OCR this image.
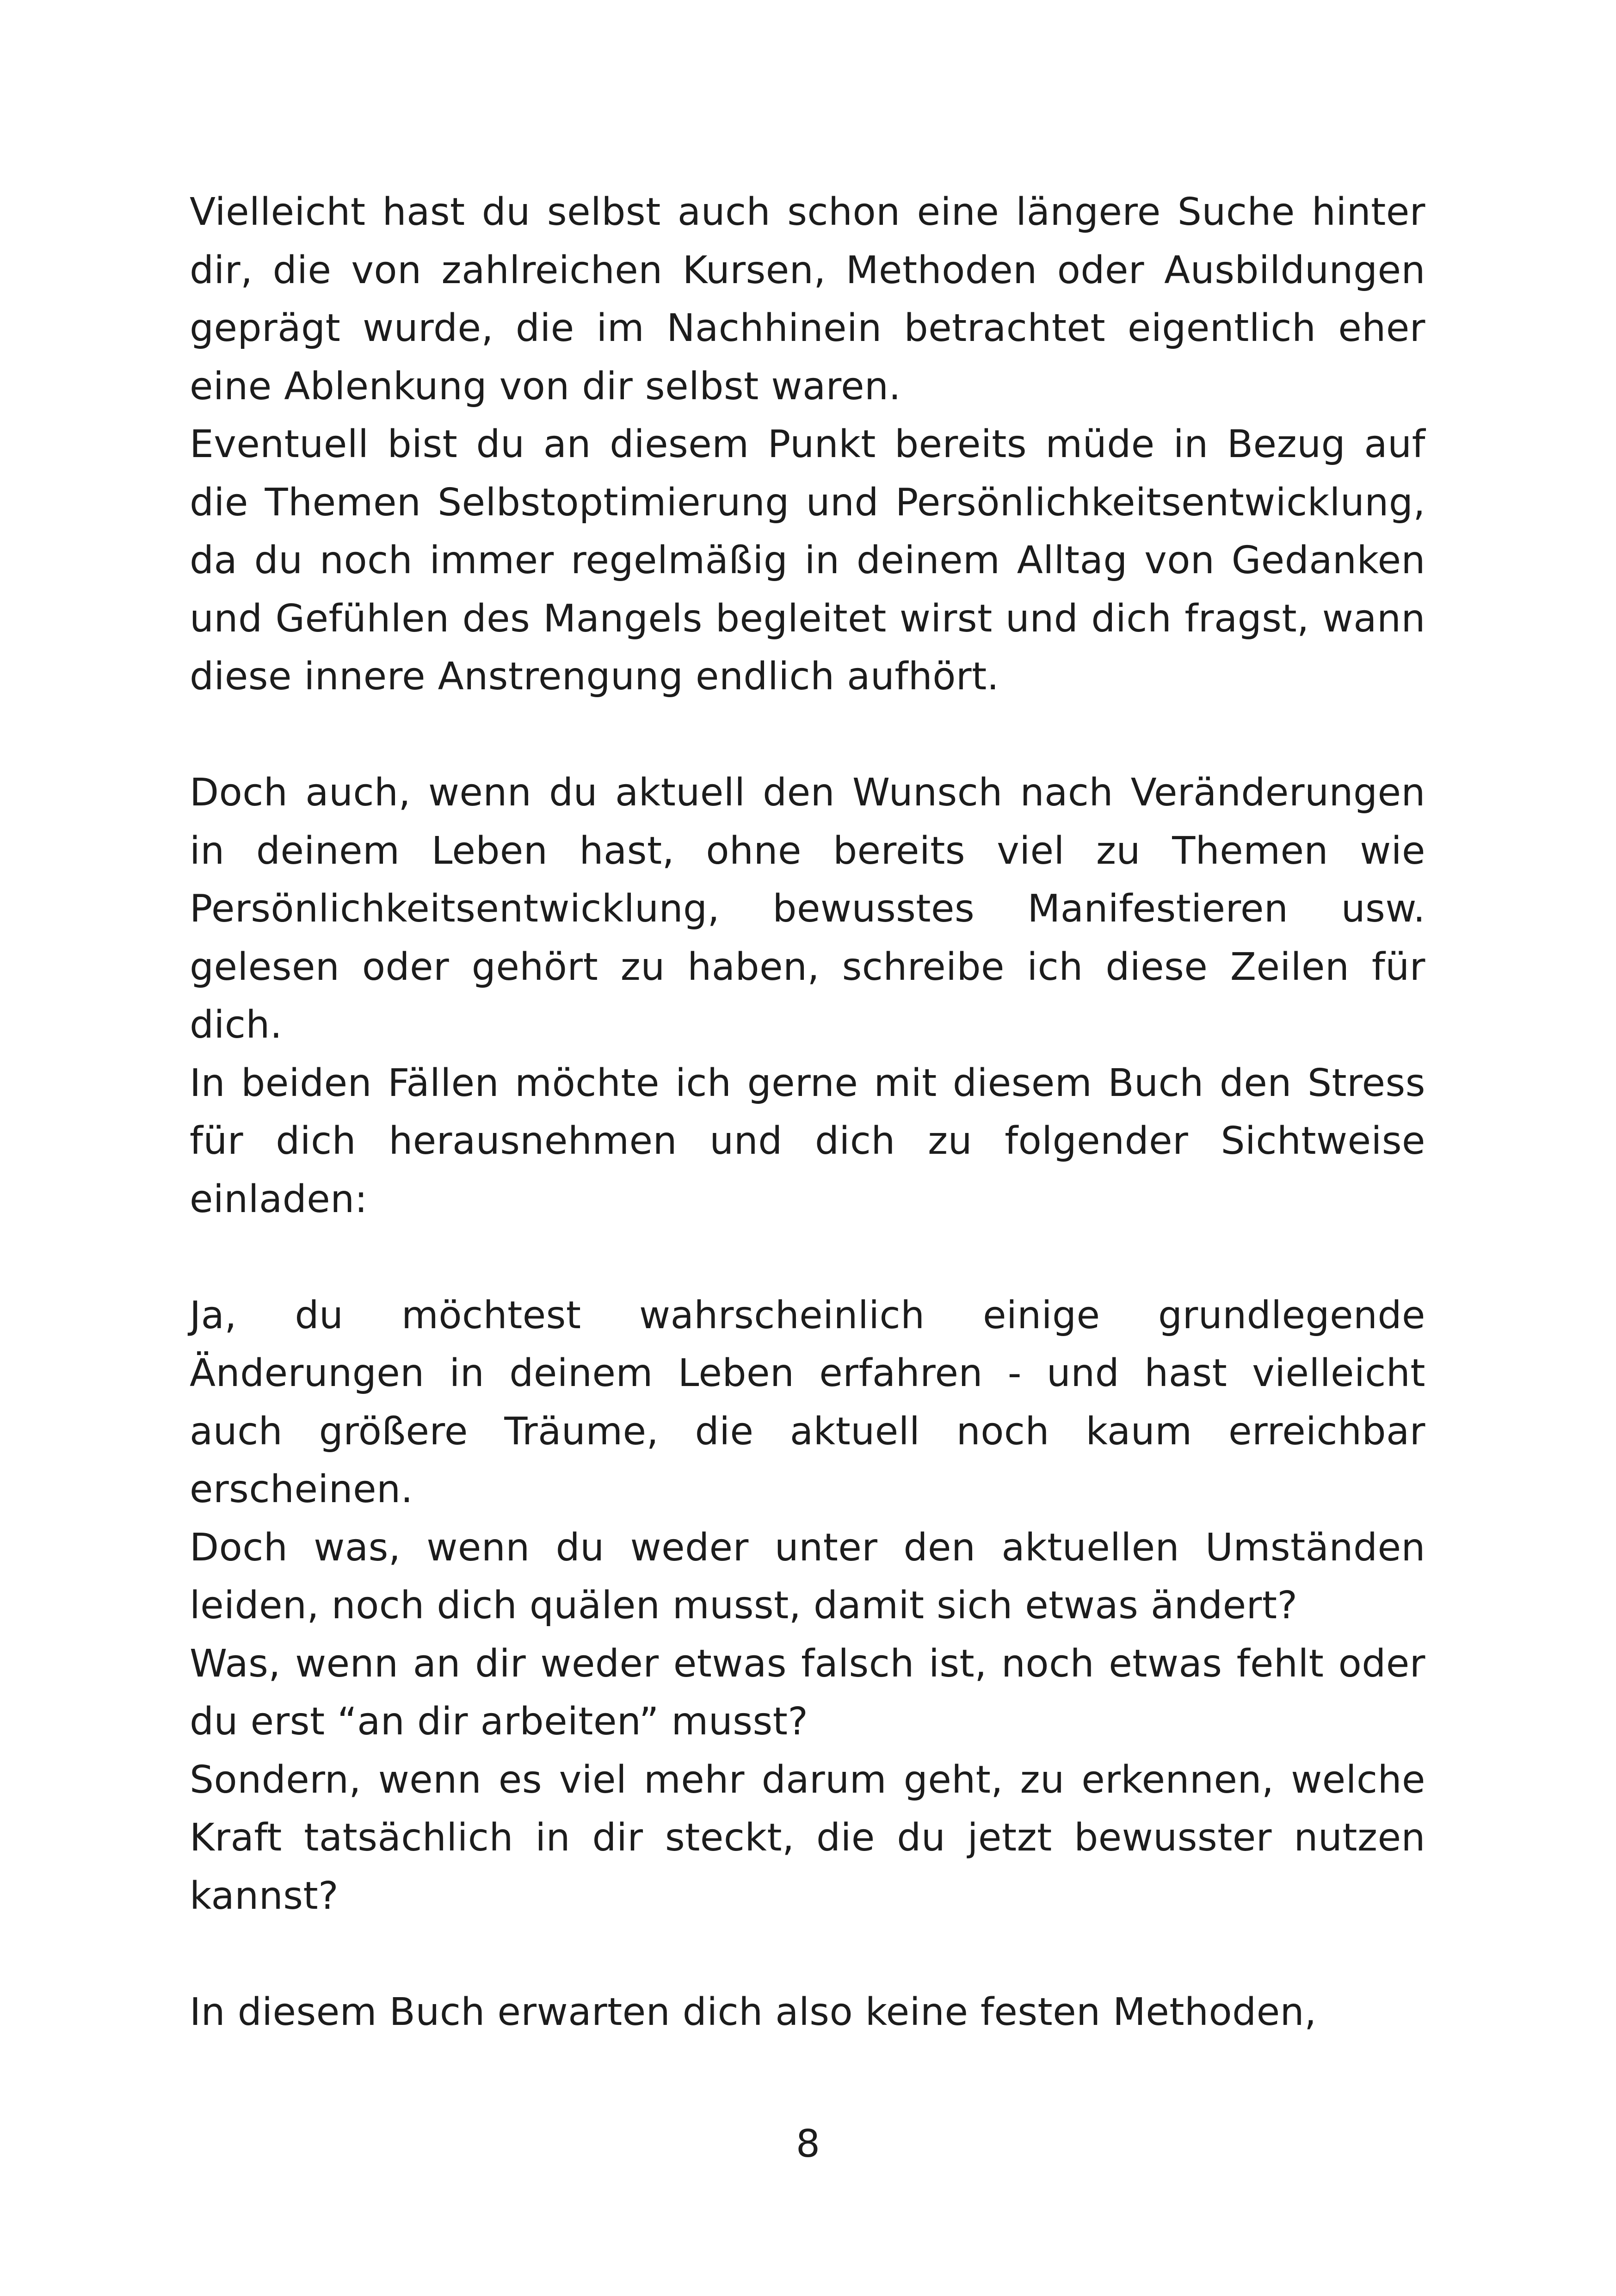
Vielleicht hast du selbst auch schon eine längere Suche hinter dir, die von zahlreichen Kursen, Methoden oder Ausbildungen geprägt wurde, die im Nachhinein betrachtet eigentlich eher eine Ablenkung von dir selbst waren.

Eventuell bist du an diesem Punkt bereits müde in Bezug auf die Themen Selbstoptimierung und Persönlichkeitsentwicklung, da du noch immer regelmäßig in deinem Alltag von Gedanken und Gefühlen des Mangels begleitet wirst und dich fragst, wann diese innere Anstrengung endlich aufhört.

Doch auch, wenn du aktuell den Wunsch nach Veränderungen in deinem Leben hast, ohne bereits viel zu Themen wie Persönlichkeitsentwicklung, bewusstes Manifestieren usw. gelesen oder gehört zu haben, schreibe ich diese Zeilen für dich.

In beiden Fällen möchte ich gerne mit diesem Buch den Stress für dich herausnehmen und dich zu folgender Sichtweise einladen:

Ja, du möchtest wahrscheinlich einige grundlegende Änderungen in deinem Leben erfahren - und hast vielleicht auch größere Träume, die aktuell noch kaum erreichbar erscheinen.

Doch was, wenn du weder unter den aktuellen Umständen leiden, noch dich quälen musst, damit sich etwas ändert?

Was, wenn an dir weder etwas falsch ist, noch etwas fehlt oder du erst “an dir arbeiten” musst?

Sondern, wenn es viel mehr darum geht, zu erkennen, welche Kraft tatsächlich in dir steckt, die du jetzt bewusster nutzen kannst?

In diesem Buch erwarten dich also keine festen Methoden,

8
